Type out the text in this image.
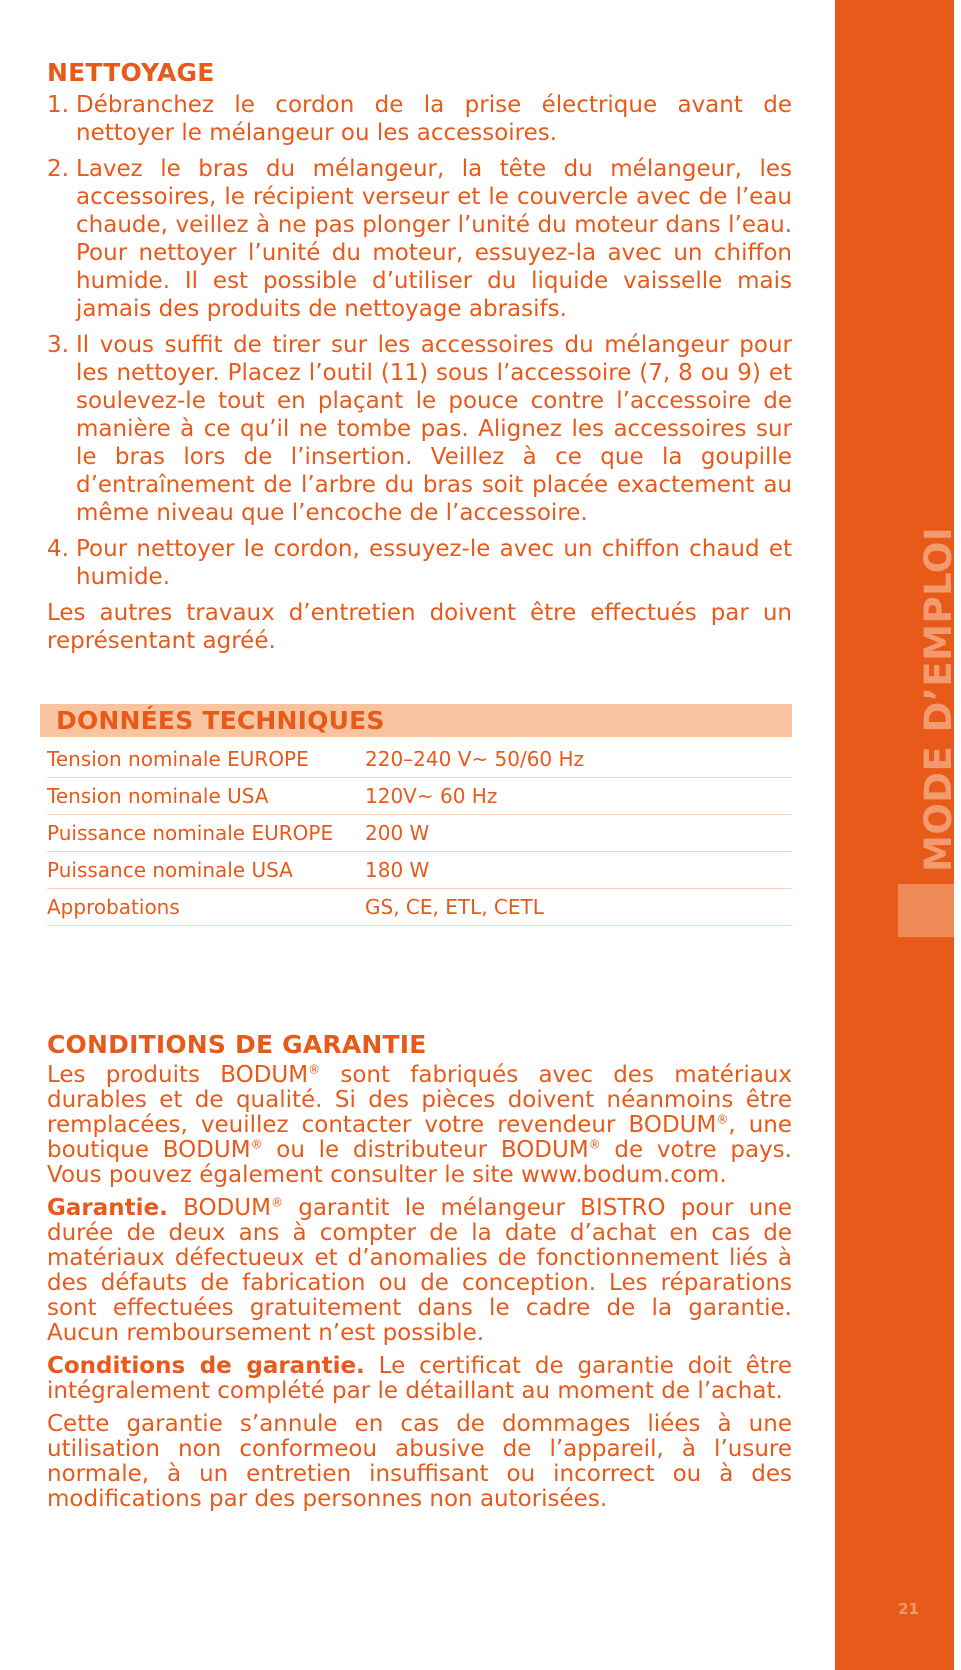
NETTOYAGE
1. Débranchez le cordon de la prise électrique avant de nettoyer le mélangeur ou les accessoires.
2. Lavez le bras du mélangeur, la tête du mélangeur, les accessoires, le récipient verseur et le couvercle avec de l’eau chaude, veillez à ne pas plonger l’unité du moteur dans l’eau. Pour nettoyer l’unité du moteur, essuyez-la avec un chiffon humide. Il est possible d’utiliser du liquide vaisselle mais jamais des produits de nettoyage abrasifs.
3. Il vous suffit de tirer sur les accessoires du mélangeur pour les nettoyer. Placez l’outil (11) sous l’accessoire (7, 8 ou 9) et soulevez-le tout en plaçant le pouce contre l’accessoire de manière à ce qu’il ne tombe pas. Alignez les accessoires sur le bras lors de l’insertion. Veillez à ce que la goupille d’entraînement de l’arbre du bras soit placée exactement au même niveau que l’encoche de l’accessoire.
4. Pour nettoyer le cordon, essuyez-le avec un chiffon chaud et humide.

Les autres travaux d’entretien doivent être effectués par un représentant agréé.

DONNÉES TECHNIQUES
Tension nominale EUROPE	220–240 V~ 50/60 Hz
Tension nominale USA	120V~ 60 Hz
Puissance nominale EUROPE	200 W
Puissance nominale USA	180 W
Approbations	GS, CE, ETL, CETL
CONDITIONS DE GARANTIE

Les produits BODUM® sont fabriqués avec des matériaux durables et de qualité. Si des pièces doivent néanmoins être remplacées, veuillez contacter votre revendeur BODUM®, une boutique BODUM® ou le distributeur BODUM® de votre pays. Vous pouvez également consulter le site www.bodum.com.

Garantie. BODUM® garantit le mélangeur BISTRO pour une durée de deux ans à compter de la date d’achat en cas de matériaux défectueux et d’anomalies de fonctionnement liés à des défauts de fabrication ou de conception. Les réparations sont effectuées gratuitement dans le cadre de la garantie. Aucun remboursement n’est possible.

Conditions de garantie. Le certificat de garantie doit être intégralement complété par le détaillant au moment de l’achat.

Cette garantie s’annule en cas de dommages liées à une utilisation non conformeou abusive de l’appareil, à l’usure normale, à un entretien insuffisant ou incorrect ou à des modifications par des personnes non autorisées.

MODE D’EMPLOI
21
